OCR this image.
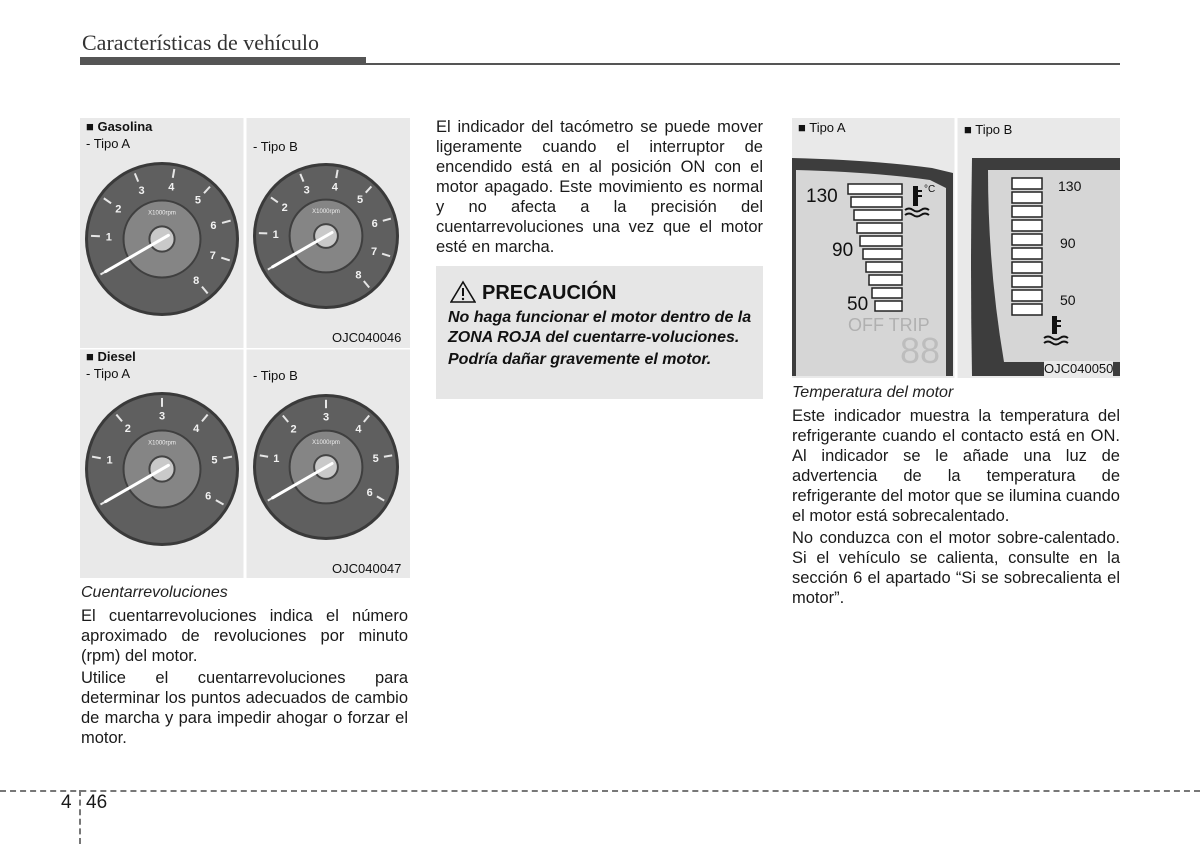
Características de vehículo
1
2
3 4
5
6
7
8
X1000rpm
1
2
3 4
5
6
7
8
X1000rpm
■ Gasolina
- Tipo A	- Tipo B
OJC040046
1
2
3
4
5
6
X1000rpm
1
2
3
4
5
6
X1000rpm
■ Diesel
- Tipo A	- Tipo B
OJC040047
Cuentarrevoluciones
El cuentarrevoluciones indica el número aproximado de revoluciones por minuto (rpm) del motor.
Utilice el cuentarrevoluciones para determinar los puntos adecuados de cambio de marcha y para impedir ahogar o forzar el motor.
El indicador del tacómetro se puede mover ligeramente cuando el interruptor de encendido está en al posición ON con el motor apagado. Este movimiento es normal y no afecta a la precisión del cuentarrevoluciones una vez que el motor esté en marcha.
PRECAUCIÓN
No haga funcionar el motor dentro de la ZONA ROJA del cuentarre-voluciones.
Podría dañar gravemente el motor.
°C
OFF TRIP
88
130
90
50
130
90
50
■ Tipo A	■ Tipo B
OJC040050
Temperatura del motor
Este indicador muestra la temperatura del refrigerante cuando el contacto está en ON. Al indicador se le añade una luz de advertencia de la temperatura de refrigerante del motor que se ilumina cuando el motor está sobrecalentado.
No conduzca con el motor sobre-calentado. Si el vehículo se calienta, consulte en la sección 6 el apartado “Si se sobrecalienta el motor”.
4 46
